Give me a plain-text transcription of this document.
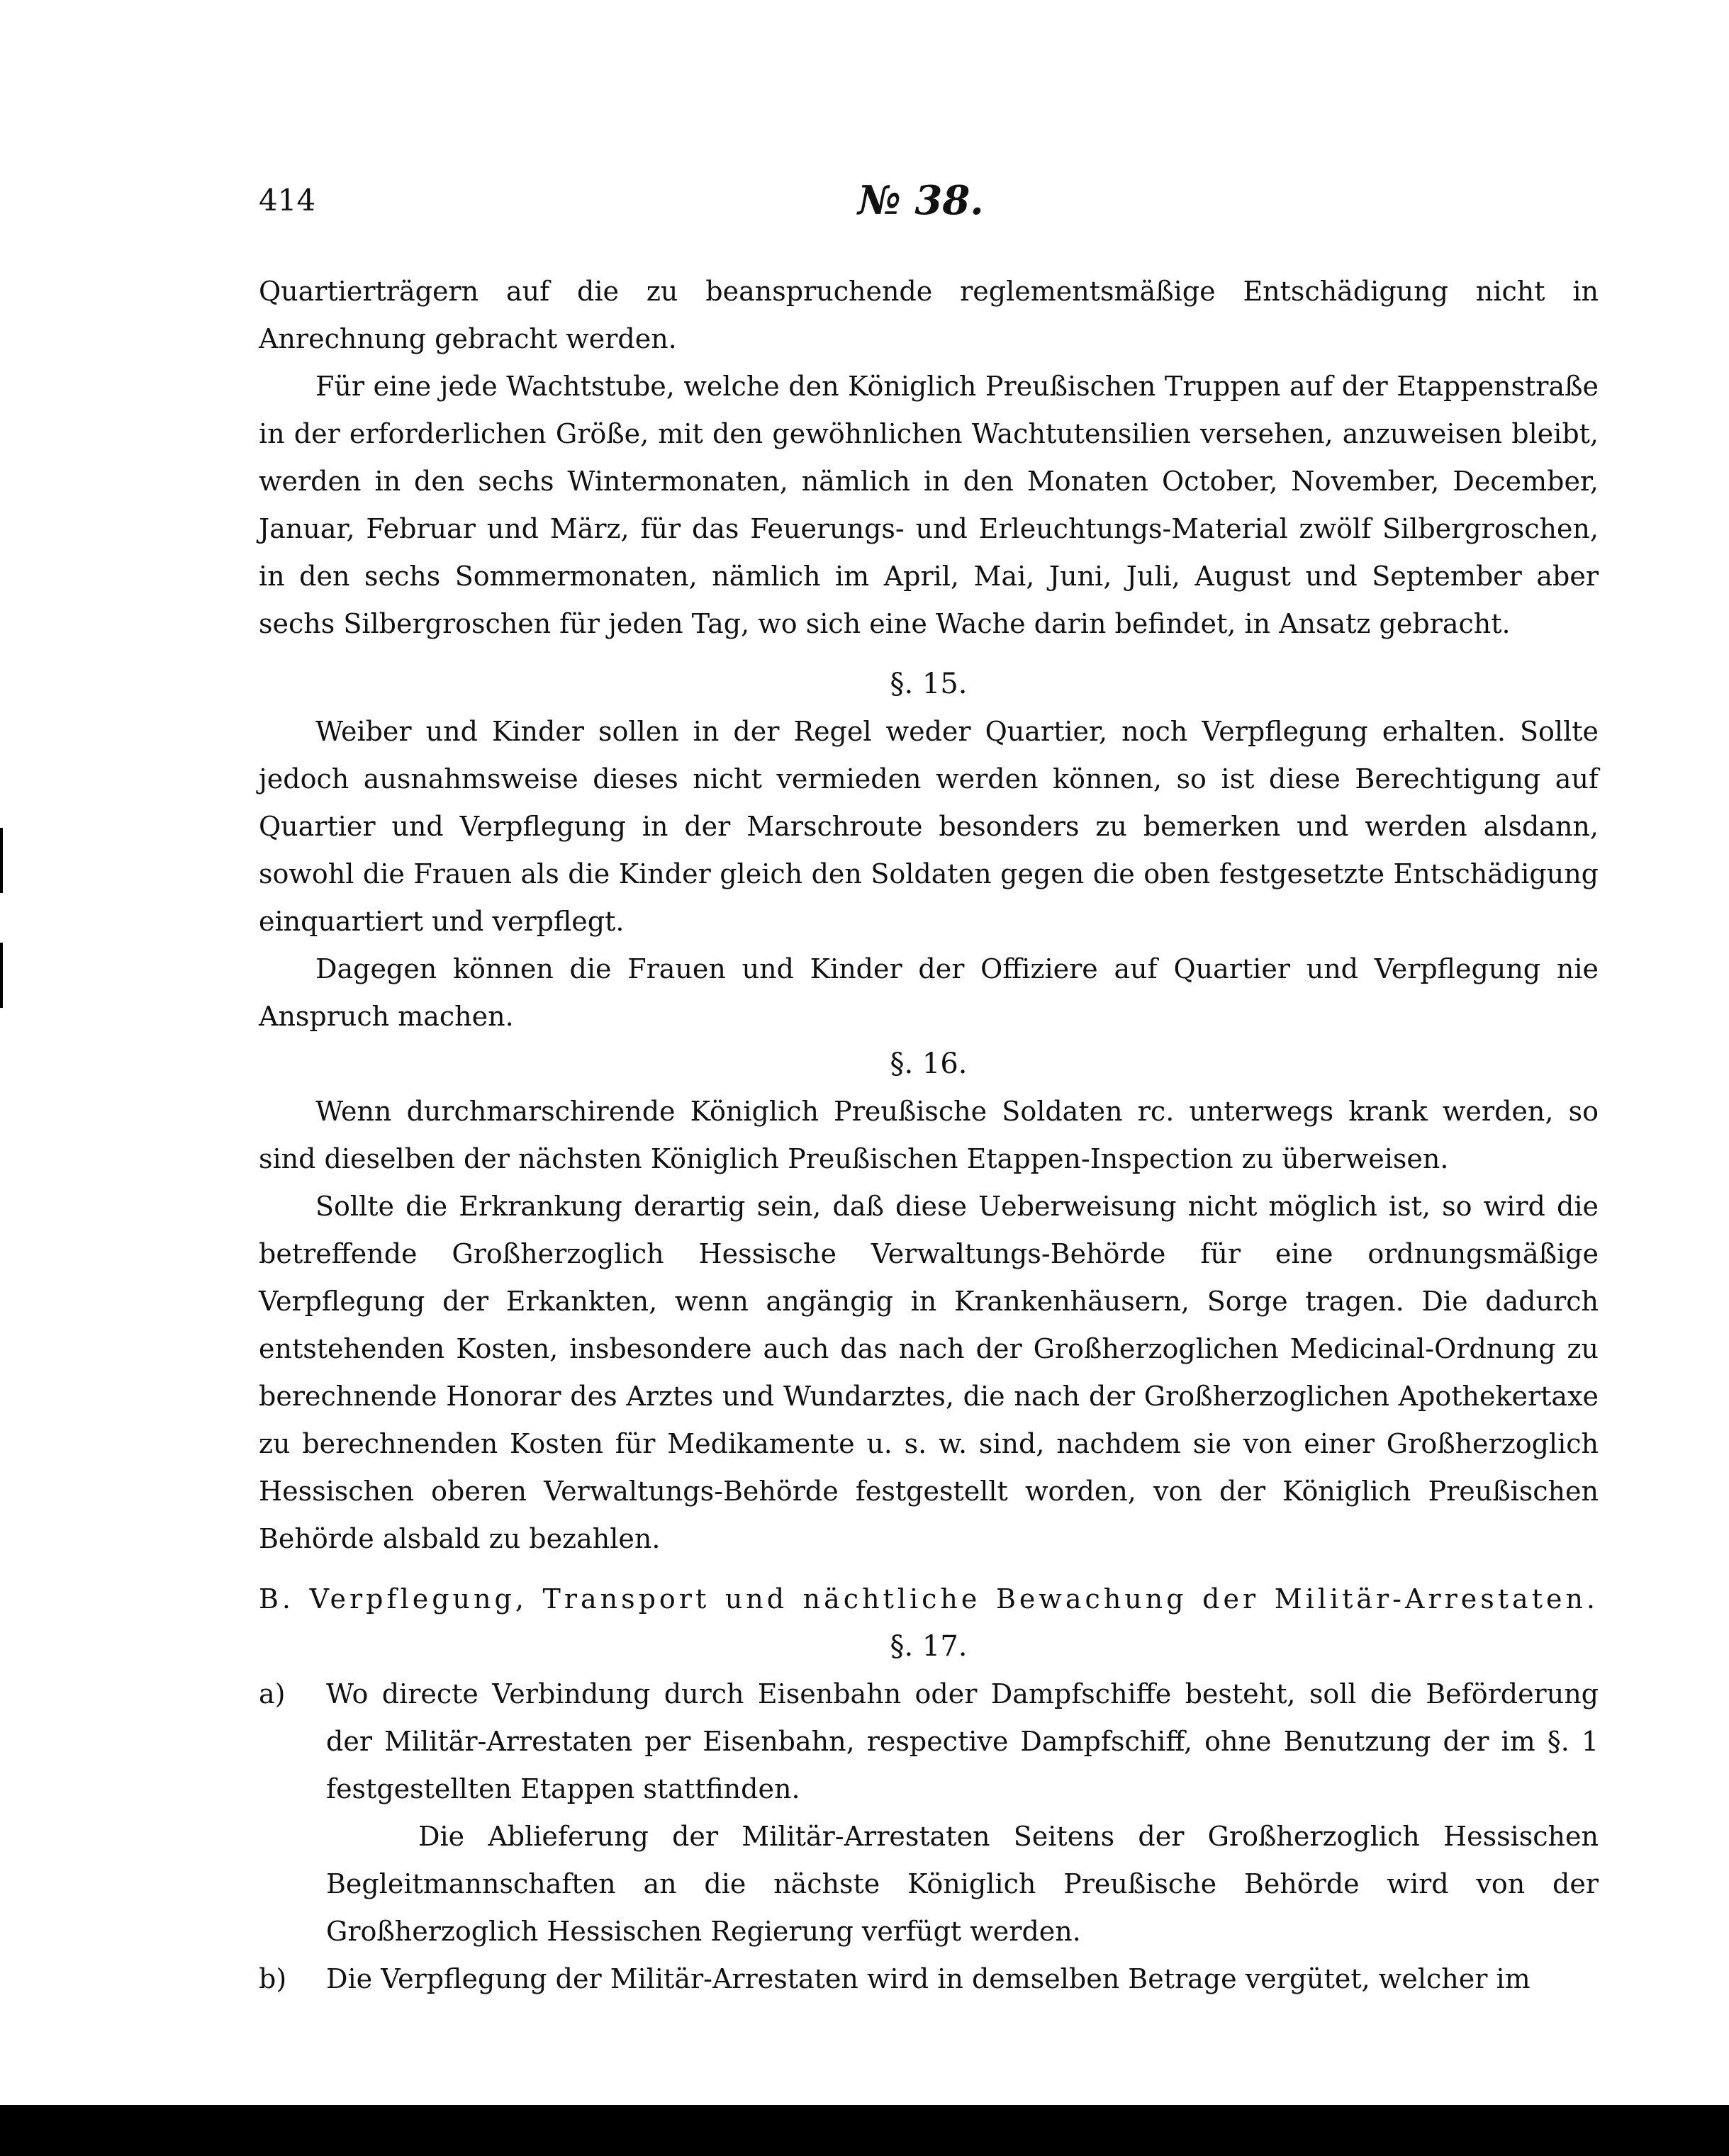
414	№ 38.

Quartierträgern auf die zu beanspruchende reglementsmäßige Entschädigung nicht in Anrechnung gebracht werden.

Für eine jede Wachtstube, welche den Königlich Preußischen Truppen auf der Etappenstraße in der erforderlichen Größe, mit den gewöhnlichen Wachtutensilien versehen, anzuweisen bleibt, werden in den sechs Wintermonaten, nämlich in den Monaten October, November, December, Januar, Februar und März, für das Feuerungs- und Erleuchtungs-Material zwölf Silbergroschen, in den sechs Sommermonaten, nämlich im April, Mai, Juni, Juli, August und September aber sechs Silbergroschen für jeden Tag, wo sich eine Wache darin befindet, in Ansatz gebracht.

§. 15.

Weiber und Kinder sollen in der Regel weder Quartier, noch Verpflegung erhalten. Sollte jedoch ausnahmsweise dieses nicht vermieden werden können, so ist diese Berechtigung auf Quartier und Verpflegung in der Marschroute besonders zu bemerken und werden alsdann, sowohl die Frauen als die Kinder gleich den Soldaten gegen die oben festgesetzte Entschädigung einquartiert und verpflegt.

Dagegen können die Frauen und Kinder der Offiziere auf Quartier und Verpflegung nie Anspruch machen.

§. 16.

Wenn durchmarschirende Königlich Preußische Soldaten rc. unterwegs krank werden, so sind dieselben der nächsten Königlich Preußischen Etappen-Inspection zu überweisen.

Sollte die Erkrankung derartig sein, daß diese Ueberweisung nicht möglich ist, so wird die betreffende Großherzoglich Hessische Verwaltungs-Behörde für eine ordnungsmäßige Verpflegung der Erkankten, wenn angängig in Krankenhäusern, Sorge tragen. Die dadurch entstehenden Kosten, insbesondere auch das nach der Großherzoglichen Medicinal-Ordnung zu berechnende Honorar des Arztes und Wundarztes, die nach der Großherzoglichen Apothekertaxe zu berechnenden Kosten für Medikamente u. s. w. sind, nachdem sie von einer Großherzoglich Hessischen oberen Verwaltungs-Behörde festgestellt worden, von der Königlich Preußischen Behörde alsbald zu bezahlen.

B. Verpflegung, Transport und nächtliche Bewachung der Militär-Arrestaten.
§. 17.
a) Wo directe Verbindung durch Eisenbahn oder Dampfschiffe besteht, soll die Beförderung der Militär-Arrestaten per Eisenbahn, respective Dampfschiff, ohne Benutzung der im §. 1 festgestellten Etappen stattfinden.

Die Ablieferung der Militär-Arrestaten Seitens der Großherzoglich Hessischen Begleitmannschaften an die nächste Königlich Preußische Behörde wird von der Großherzoglich Hessischen Regierung verfügt werden.

b) Die Verpflegung der Militär-Arrestaten wird in demselben Betrage vergütet, welcher im
